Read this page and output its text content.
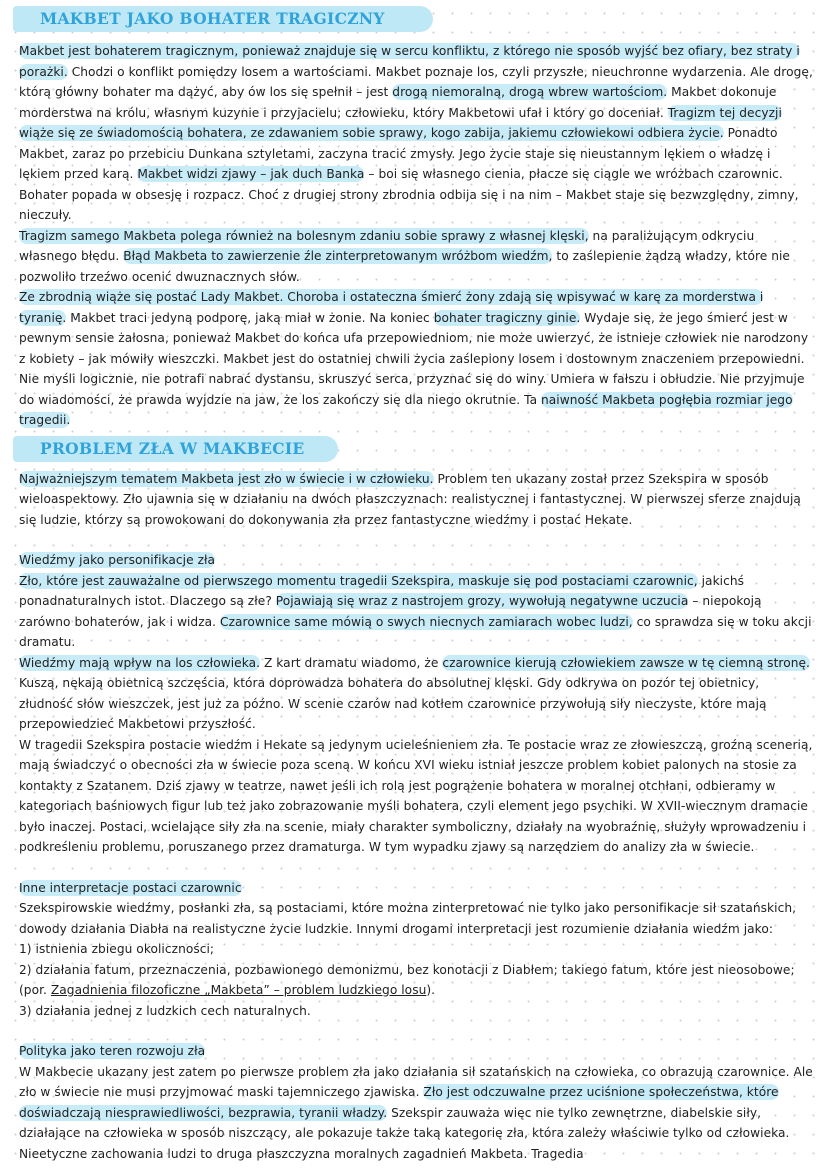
MAKBET JAKO BOHATER TRAGICZNY

Makbet jest bohaterem tragicznym, ponieważ znajduje się w sercu konfliktu, z którego nie sposób wyjść bez ofiary, bez straty i porażki. Chodzi o konflikt pomiędzy losem a wartościami. Makbet poznaje los, czyli przyszłe, nieuchronne wydarzenia. Ale drogę, którą główny bohater ma dążyć, aby ów los się spełnił – jest drogą niemoralną, drogą wbrew wartościom. Makbet dokonuje morderstwa na królu, własnym kuzynie i przyjacielu; człowieku, który Makbetowi ufał i który go doceniał. Tragizm tej decyzji wiąże się ze świadomością bohatera, ze zdawaniem sobie sprawy, kogo zabija, jakiemu człowiekowi odbiera życie. Ponadto Makbet, zaraz po przebiciu Dunkana sztyletami, zaczyna tracić zmysły. Jego życie staje się nieustannym lękiem o władzę i lękiem przed karą. Makbet widzi zjawy – jak duch Banka – boi się własnego cienia, płacze się ciągle we wróżbach czarownic. Bohater popada w obsesję i rozpacz. Choć z drugiej strony zbrodnia odbija się i na nim – Makbet staje się bezwzględny, zimny, nieczuły.

Tragizm samego Makbeta polega również na bolesnym zdaniu sobie sprawy z własnej klęski, na paraliżującym odkryciu własnego błędu. Błąd Makbeta to zawierzenie źle zinterpretowanym wróżbom wiedźm, to zaślepienie żądzą władzy, które nie pozwoliło trzeźwo ocenić dwuznacznych słów.

Ze zbrodnią wiąże się postać Lady Makbet. Choroba i ostateczna śmierć żony zdają się wpisywać w karę za morderstwa i tyranię. Makbet traci jedyną podporę, jaką miał w żonie. Na koniec bohater tragiczny ginie. Wydaje się, że jego śmierć jest w pewnym sensie żałosna, ponieważ Makbet do końca ufa przepowiedniom, nie może uwierzyć, że istnieje człowiek nie narodzony z kobiety – jak mówiły wieszczki. Makbet jest do ostatniej chwili życia zaślepiony losem i dostownym znaczeniem przepowiedni. Nie myśli logicznie, nie potrafi nabrać dystansu, skruszyć serca, przyznać się do winy. Umiera w fałszu i obłudzie. Nie przyjmuje do wiadomości, że prawda wyjdzie na jaw, że los zakończy się dla niego okrutnie. Ta naiwność Makbeta pogłębia rozmiar jego tragedii.

PROBLEM ZŁA W MAKBECIE

Najważniejszym tematem Makbeta jest zło w świecie i w człowieku. Problem ten ukazany został przez Szekspira w sposób wieloaspektowy. Zło ujawnia się w działaniu na dwóch płaszczyznach: realistycznej i fantastycznej. W pierwszej sferze znajdują się ludzie, którzy są prowokowani do dokonywania zła przez fantastyczne wiedźmy i postać Hekate.

Wiedźmy jako personifikacje zła

Zło, które jest zauważalne od pierwszego momentu tragedii Szekspira, maskuje się pod postaciami czarownic, jakichś ponadnaturalnych istot. Dlaczego są złe? Pojawiają się wraz z nastrojem grozy, wywołują negatywne uczucia – niepokoją zarówno bohaterów, jak i widza. Czarownice same mówią o swych niecnych zamiarach wobec ludzi, co sprawdza się w toku akcji dramatu.

Wiedźmy mają wpływ na los człowieka. Z kart dramatu wiadomo, że czarownice kierują człowiekiem zawsze w tę ciemną stronę. Kuszą, nękają obietnicą szczęścia, która doprowadza bohatera do absolutnej klęski. Gdy odkrywa on pozór tej obietnicy, złudność słów wieszczek, jest już za późno. W scenie czarów nad kotłem czarownice przywołują siły nieczyste, które mają przepowiedzieć Makbetowi przyszłość.

W tragedii Szekspira postacie wiedźm i Hekate są jedynym ucieleśnieniem zła. Te postacie wraz ze złowieszczą, groźną scenerią, mają świadczyć o obecności zła w świecie poza sceną. W końcu XVI wieku istniał jeszcze problem kobiet palonych na stosie za kontakty z Szatanem. Dziś zjawy w teatrze, nawet jeśli ich rolą jest pogrążenie bohatera w moralnej otchłani, odbieramy w kategoriach baśniowych figur lub też jako zobrazowanie myśli bohatera, czyli element jego psychiki. W XVII-wiecznym dramacie było inaczej. Postaci, wcielające siły zła na scenie, miały charakter symboliczny, działały na wyobraźnię, służyły wprowadzeniu i podkreśleniu problemu, poruszanego przez dramaturga. W tym wypadku zjawy są narzędziem do analizy zła w świecie.

Inne interpretacje postaci czarownic

Szekspirowskie wiedźmy, posłanki zła, są postaciami, które można zinterpretować nie tylko jako personifikacje sił szatańskich, dowody działania Diabła na realistyczne życie ludzkie. Innymi drogami interpretacji jest rozumienie działania wiedźm jako:

1) istnienia zbiegu okoliczności;

2) działania fatum, przeznaczenia, pozbawionego demonizmu, bez konotacji z Diabłem; takiego fatum, które jest nieosobowe; (por. Zagadnienia filozoficzne „Makbeta” – problem ludzkiego losu).

3) działania jednej z ludzkich cech naturalnych.

Polityka jako teren rozwoju zła

W Makbecie ukazany jest zatem po pierwsze problem zła jako działania sił szatańskich na człowieka, co obrazują czarownice. Ale zło w świecie nie musi przyjmować maski tajemniczego zjawiska. Zło jest odczuwalne przez uciśnione społeczeństwa, które doświadczają niesprawiedliwości, bezprawia, tyranii władzy. Szekspir zauważa więc nie tylko zewnętrzne, diabelskie siły, działające na człowieka w sposób niszczący, ale pokazuje także taką kategorię zła, która zależy właściwie tylko od człowieka. Nieetyczne zachowania ludzi to druga płaszczyzna moralnych zagadnień Makbeta. Tragedia
